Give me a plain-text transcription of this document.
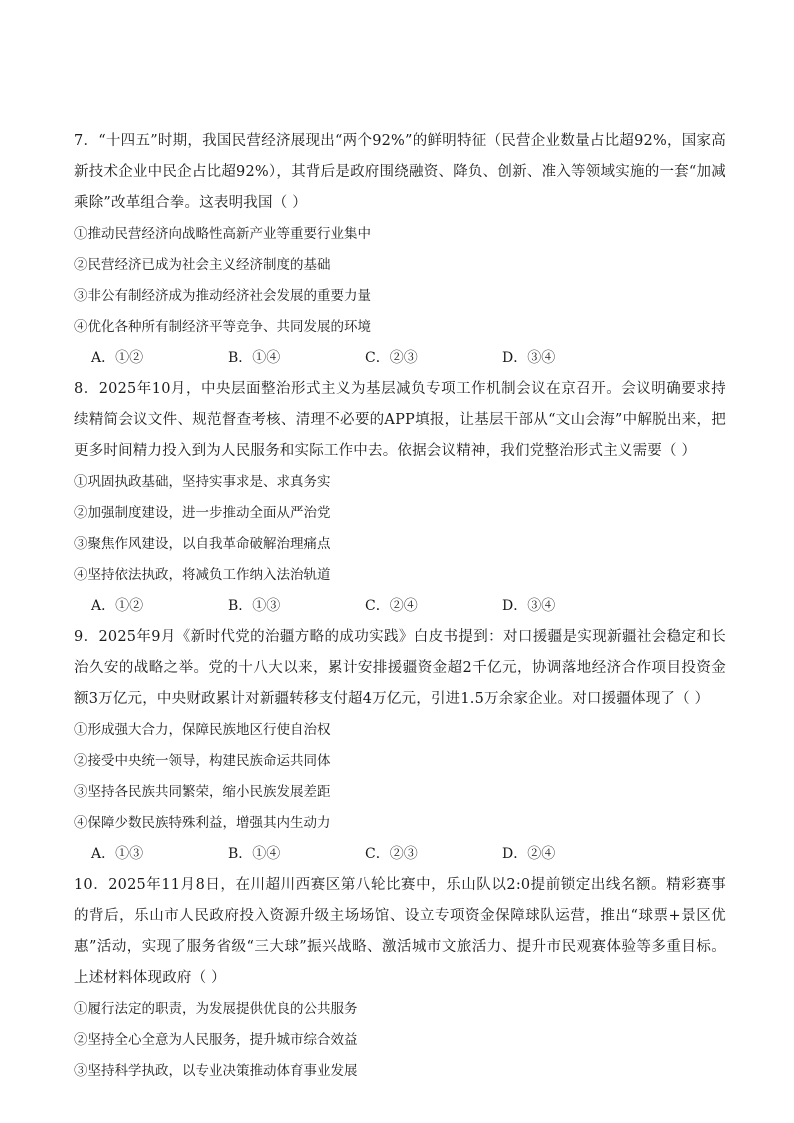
7．“十四五”时期，我国民营经济展现出“两个92%”的鲜明特征（民营企业数量占比超92%，国家高新技术企业中民企占比超92%），其背后是政府围绕融资、降负、创新、准入等领域实施的一套“加减乘除”改革组合拳。这表明我国（ ）

①推动民营经济向战略性高新产业等重要行业集中

②民营经济已成为社会主义经济制度的基础

③非公有制经济成为推动经济社会发展的重要力量

④优化各种所有制经济平等竞争、共同发展的环境

A．①②	B．①④	C．②③	D．③④

8．2025年10月，中央层面整治形式主义为基层减负专项工作机制会议在京召开。会议明确要求持续精简会议文件、规范督查考核、清理不必要的APP填报，让基层干部从“文山会海”中解脱出来，把更多时间精力投入到为人民服务和实际工作中去。依据会议精神，我们党整治形式主义需要（ ）

①巩固执政基础，坚持实事求是、求真务实

②加强制度建设，进一步推动全面从严治党

③聚焦作风建设，以自我革命破解治理痛点

④坚持依法执政，将减负工作纳入法治轨道

A．①②	B．①③	C．②④	D．③④

9．2025年9月《新时代党的治疆方略的成功实践》白皮书提到：对口援疆是实现新疆社会稳定和长治久安的战略之举。党的十八大以来，累计安排援疆资金超2千亿元，协调落地经济合作项目投资金额3万亿元，中央财政累计对新疆转移支付超4万亿元，引进1.5万余家企业。对口援疆体现了（ ）

①形成强大合力，保障民族地区行使自治权

②接受中央统一领导，构建民族命运共同体

③坚持各民族共同繁荣，缩小民族发展差距

④保障少数民族特殊利益，增强其内生动力

A．①③	B．①④	C．②③	D．②④

10．2025年11月8日，在川超川西赛区第八轮比赛中，乐山队以2:0提前锁定出线名额。精彩赛事的背后，乐山市人民政府投入资源升级主场场馆、设立专项资金保障球队运营，推出“球票+景区优惠”活动，实现了服务省级“三大球”振兴战略、激活城市文旅活力、提升市民观赛体验等多重目标。上述材料体现政府（ ）

①履行法定的职责，为发展提供优良的公共服务

②坚持全心全意为人民服务，提升城市综合效益

③坚持科学执政，以专业决策推动体育事业发展
